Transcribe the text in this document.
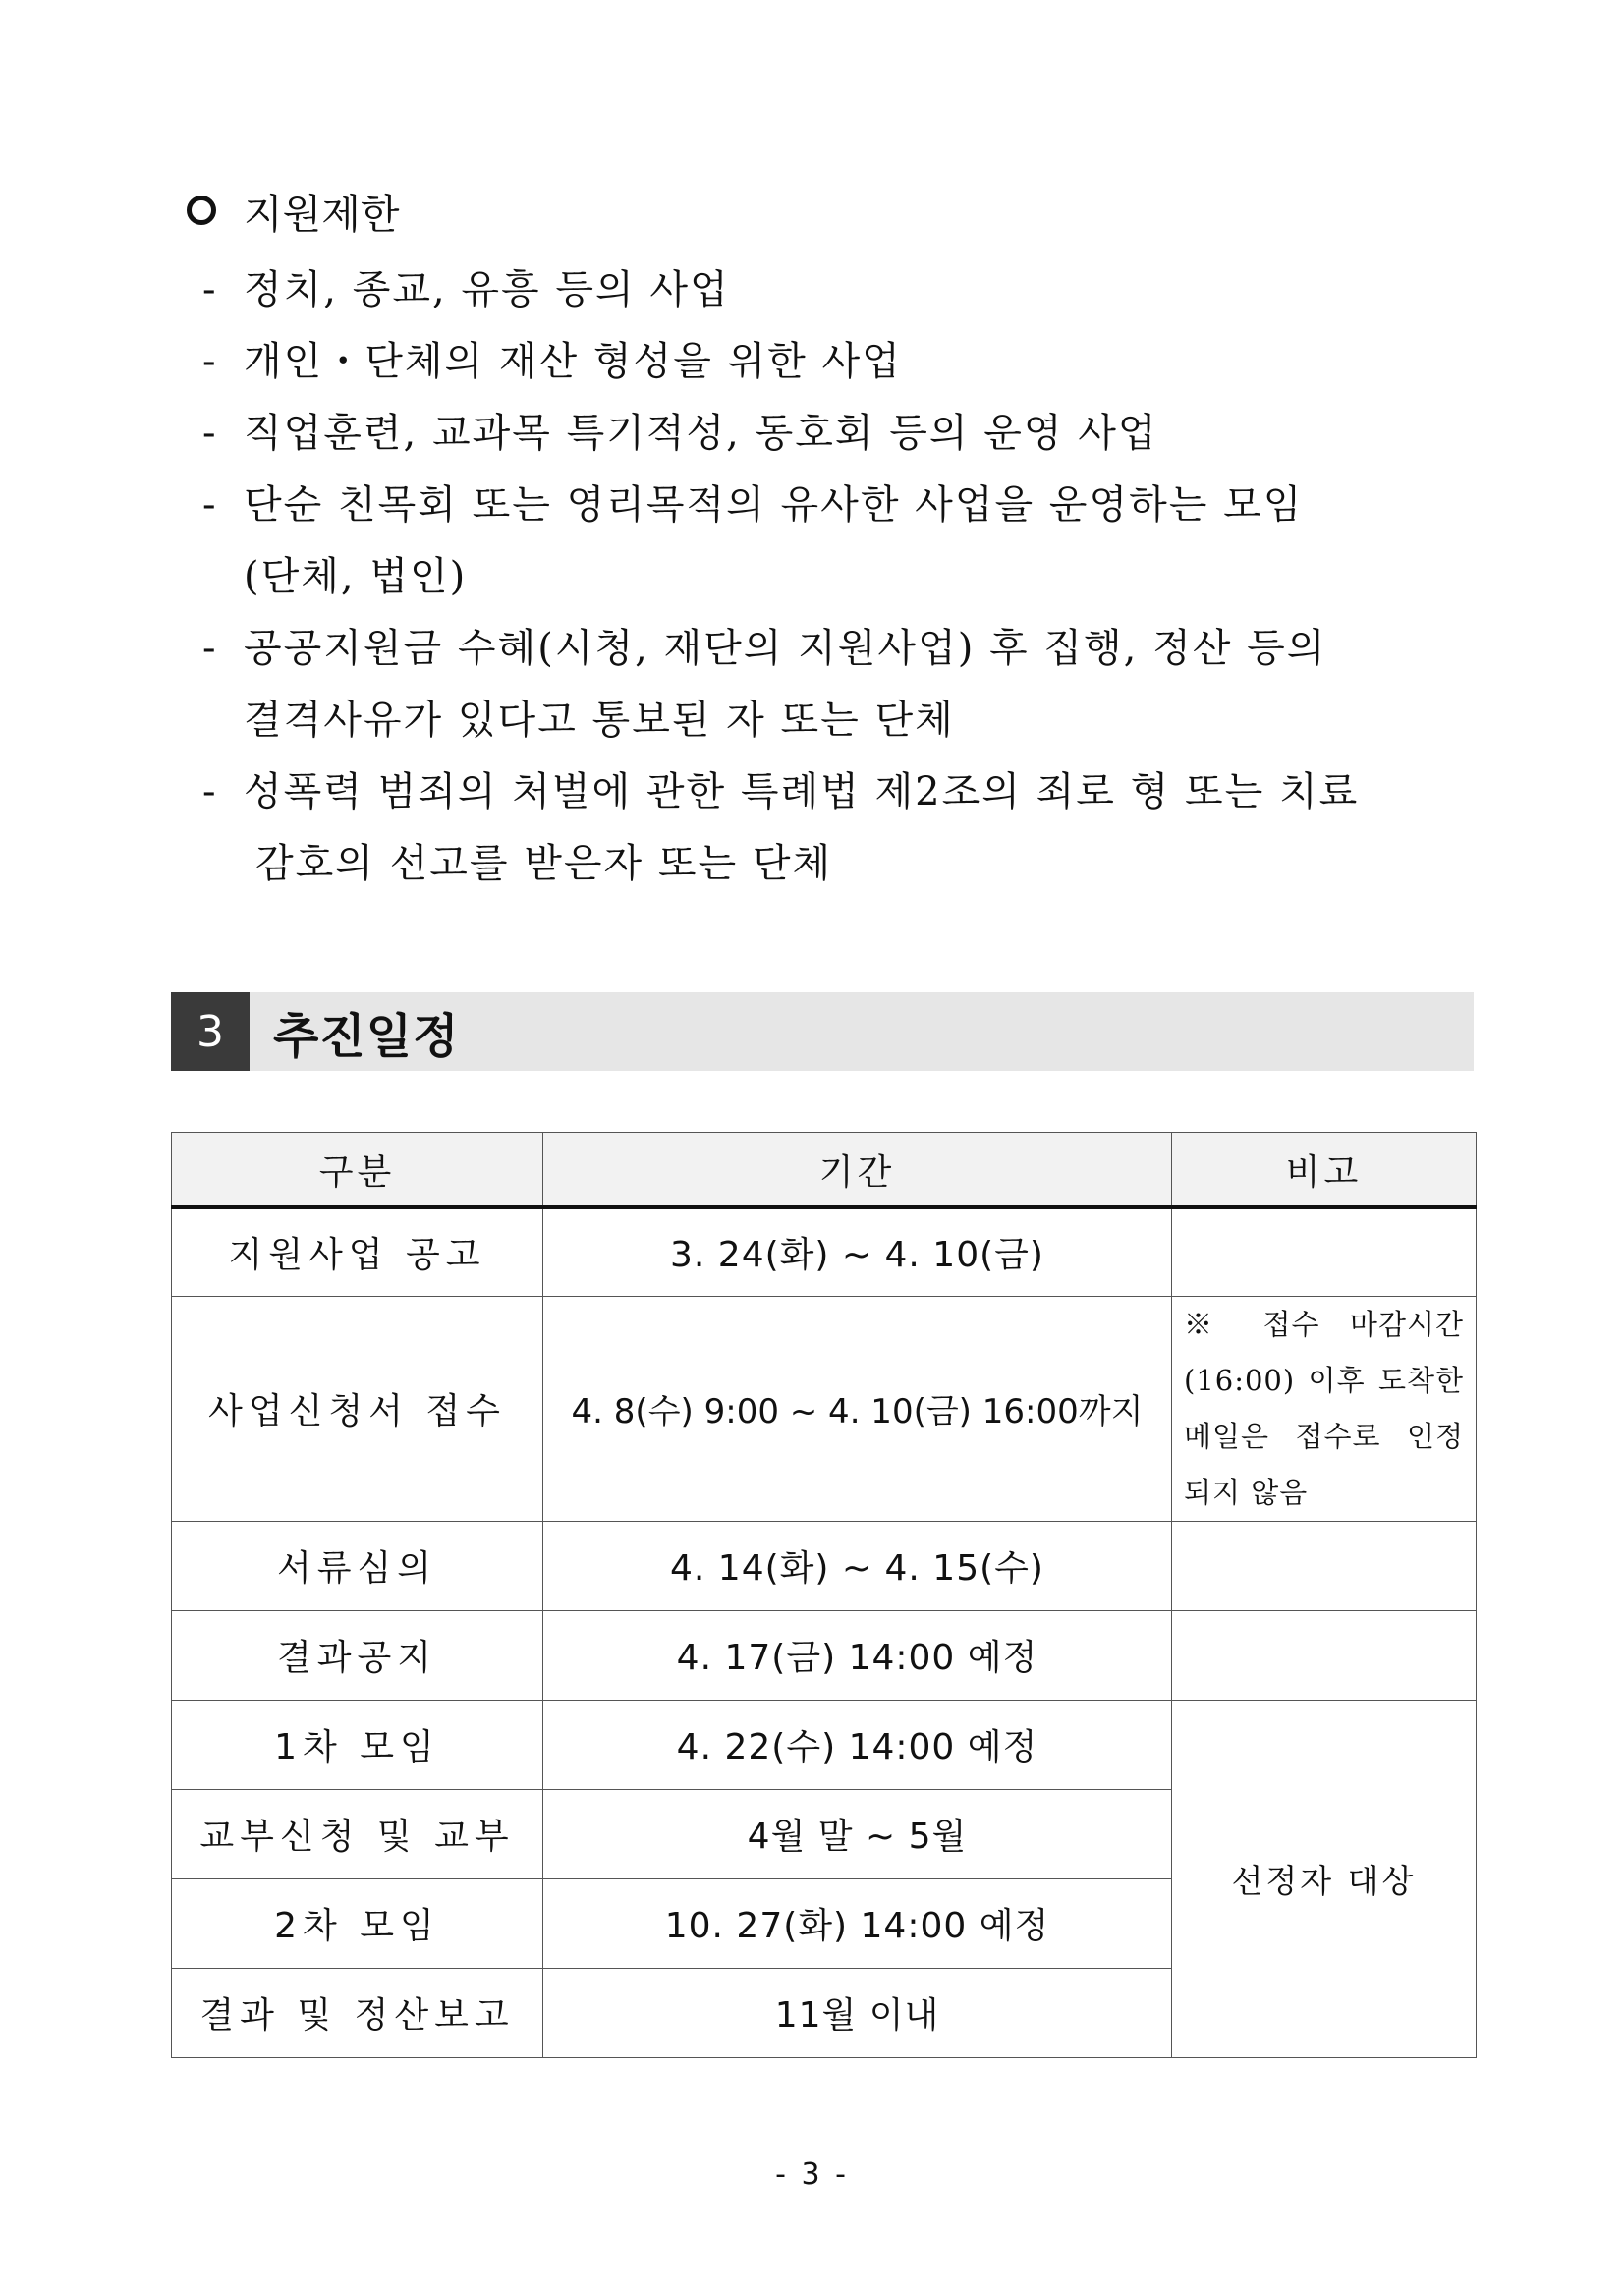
지원제한
- 정치, 종교, 유흥 등의 사업
- 개인・단체의 재산 형성을 위한 사업
- 직업훈련, 교과목 특기적성, 동호회 등의 운영 사업
- 단순 친목회 또는 영리목적의 유사한 사업을 운영하는 모임
(단체, 법인)
- 공공지원금 수혜(시청, 재단의 지원사업) 후 집행, 정산 등의
결격사유가 있다고 통보된 자 또는 단체
- 성폭력 범죄의 처벌에 관한 특례법 제2조의 죄로 형 또는 치료
감호의 선고를 받은자 또는 단체
3	추진일정
구분	기간	비고
지원사업 공고	3. 24(화) ~ 4. 10(금)	
사업신청서 접수	4. 8(수) 9:00 ~ 4. 10(금) 16:00까지	※ 접수 마감시간
(16:00) 이후 도착한
메일은 접수로 인정
되지 않음

서류심의	4. 14(화) ~ 4. 15(수)	
결과공지	4. 17(금) 14:00 예정	
1차 모임	4. 22(수) 14:00 예정	선정자 대상
교부신청 및 교부	4월 말 ~ 5월	
2차 모임	10. 27(화) 14:00 예정	
결과 및 정산보고	11월 이내	
- 3 -
